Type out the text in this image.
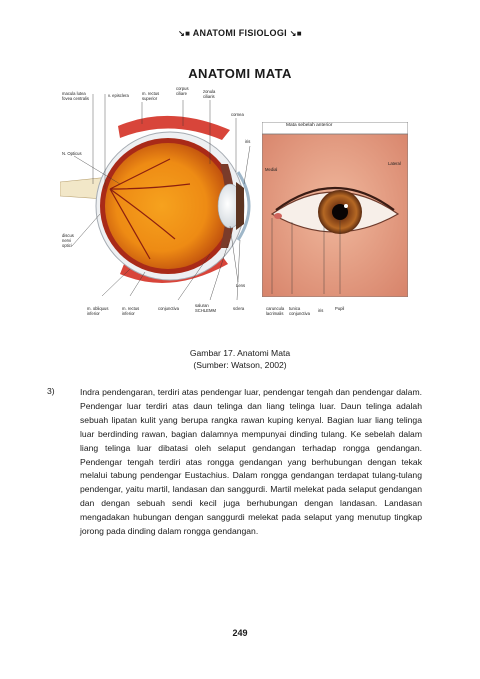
↘■ ANATOMI FISIOLOGI ↘■
ANATOMI MATA
macula lutea
fovea centralis
v. episclera	m. rectus
superior
corpus
ciliare	zonula
ciliaris
cornea
iris
N. Opticus
discus
nervi
optici
Lens
m. obliquus
inferior
m. rectus
inferior
conjunctiva
saluran
SCHLEMM	sclera
Mata sebelah anterior
Medial
Lateral
caruncula
lacrimalis
tunica
conjunctiva
iris	Pupil
Gambar 17. Anatomi Mata
(Sumber: Watson, 2002)
3)	Indra pendengaran, terdiri atas pendengar luar, pendengar tengah dan pendengar dalam. Pendengar luar terdiri atas daun telinga dan liang telinga luar. Daun telinga adalah sebuah lipatan kulit yang berupa rangka rawan kuping kenyal. Bagian luar liang telinga luar berdinding rawan, bagian dalamnya mempunyai dinding tulang. Ke sebelah dalam liang telinga luar dibatasi oleh selaput gendangan terhadap rongga gendangan. Pendengar tengah terdiri atas rongga gendangan yang berhubungan dengan tekak melalui tabung pendengar Eustachius. Dalam rongga gendangan terdapat tulang-tulang pendengar, yaitu martil, landasan dan sanggurdi. Martil melekat pada selaput gendangan dan dengan sebuah sendi kecil juga berhubungan dengan landasan. Landasan mengadakan hubungan dengan sanggurdi melekat pada selaput yang menutup tingkap jorong pada dinding dalam rongga gendangan.
249
